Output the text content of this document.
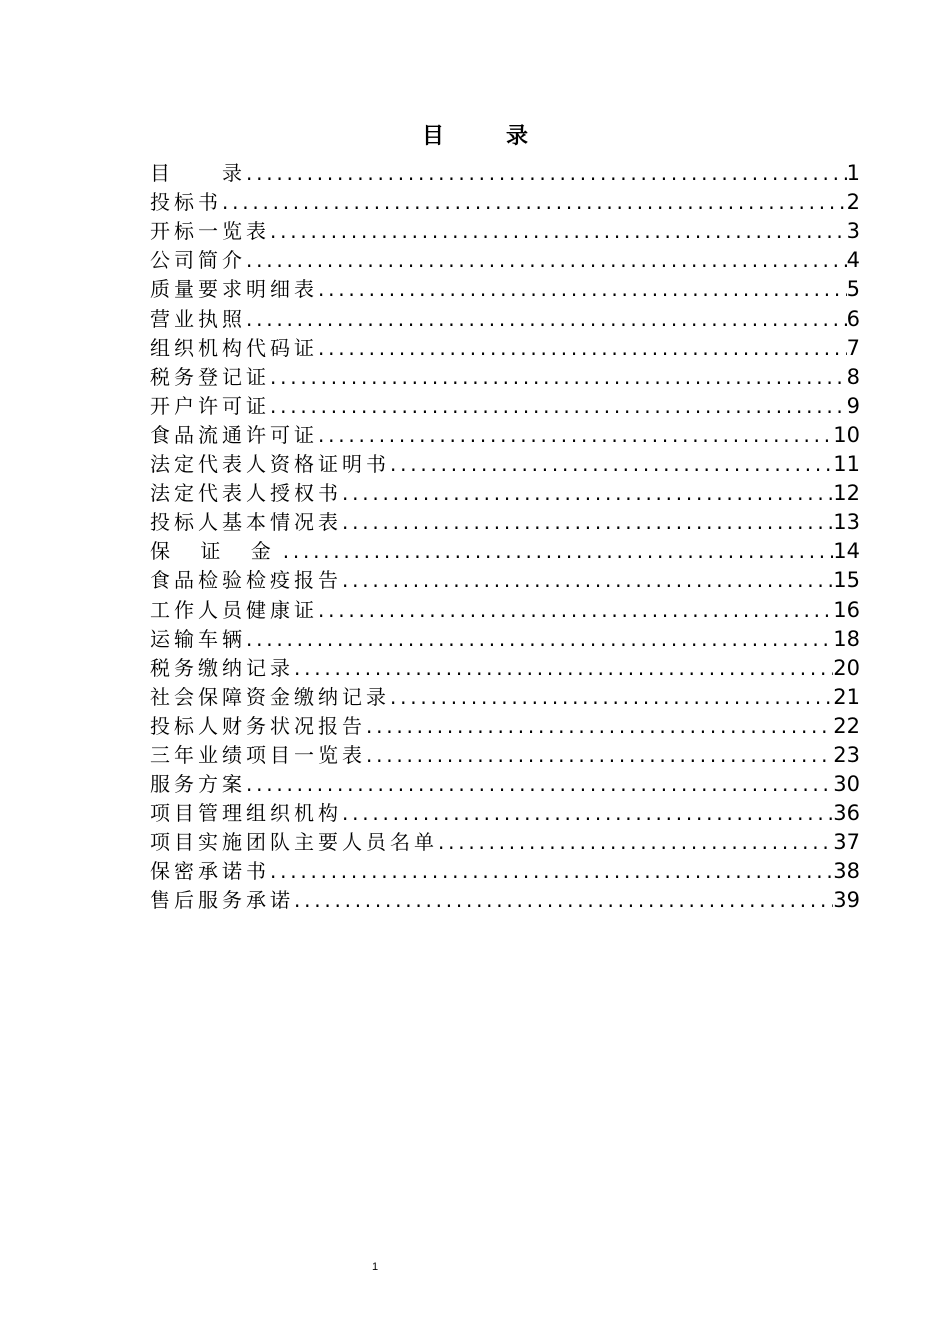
目　录
目　　录 . . .	1
投标书 . . .	2
开标一览表 . . .	3
公司简介 . . .	4
质量要求明细表 . . .	5
营业执照 . . .	6
组织机构代码证 . . .	7
税务登记证 . . .	8
开户许可证 . . .	9
食品流通许可证 . . .	10
法定代表人资格证明书 . . .	11
法定代表人授权书 . . .	12
投标人基本情况表 . . .	13
保 证 金 . . .	14
食品检验检疫报告 . . .	15
工作人员健康证 . . .	16
运输车辆 . . .	18
税务缴纳记录 . . .	20
社会保障资金缴纳记录 . . .	21
投标人财务状况报告 . . .	22
三年业绩项目一览表 . . .	23
服务方案 . . .	30
项目管理组织机构 . . .	36
项目实施团队主要人员名单 . . .	37
保密承诺书 . . .	38
售后服务承诺 . . .	39
1
